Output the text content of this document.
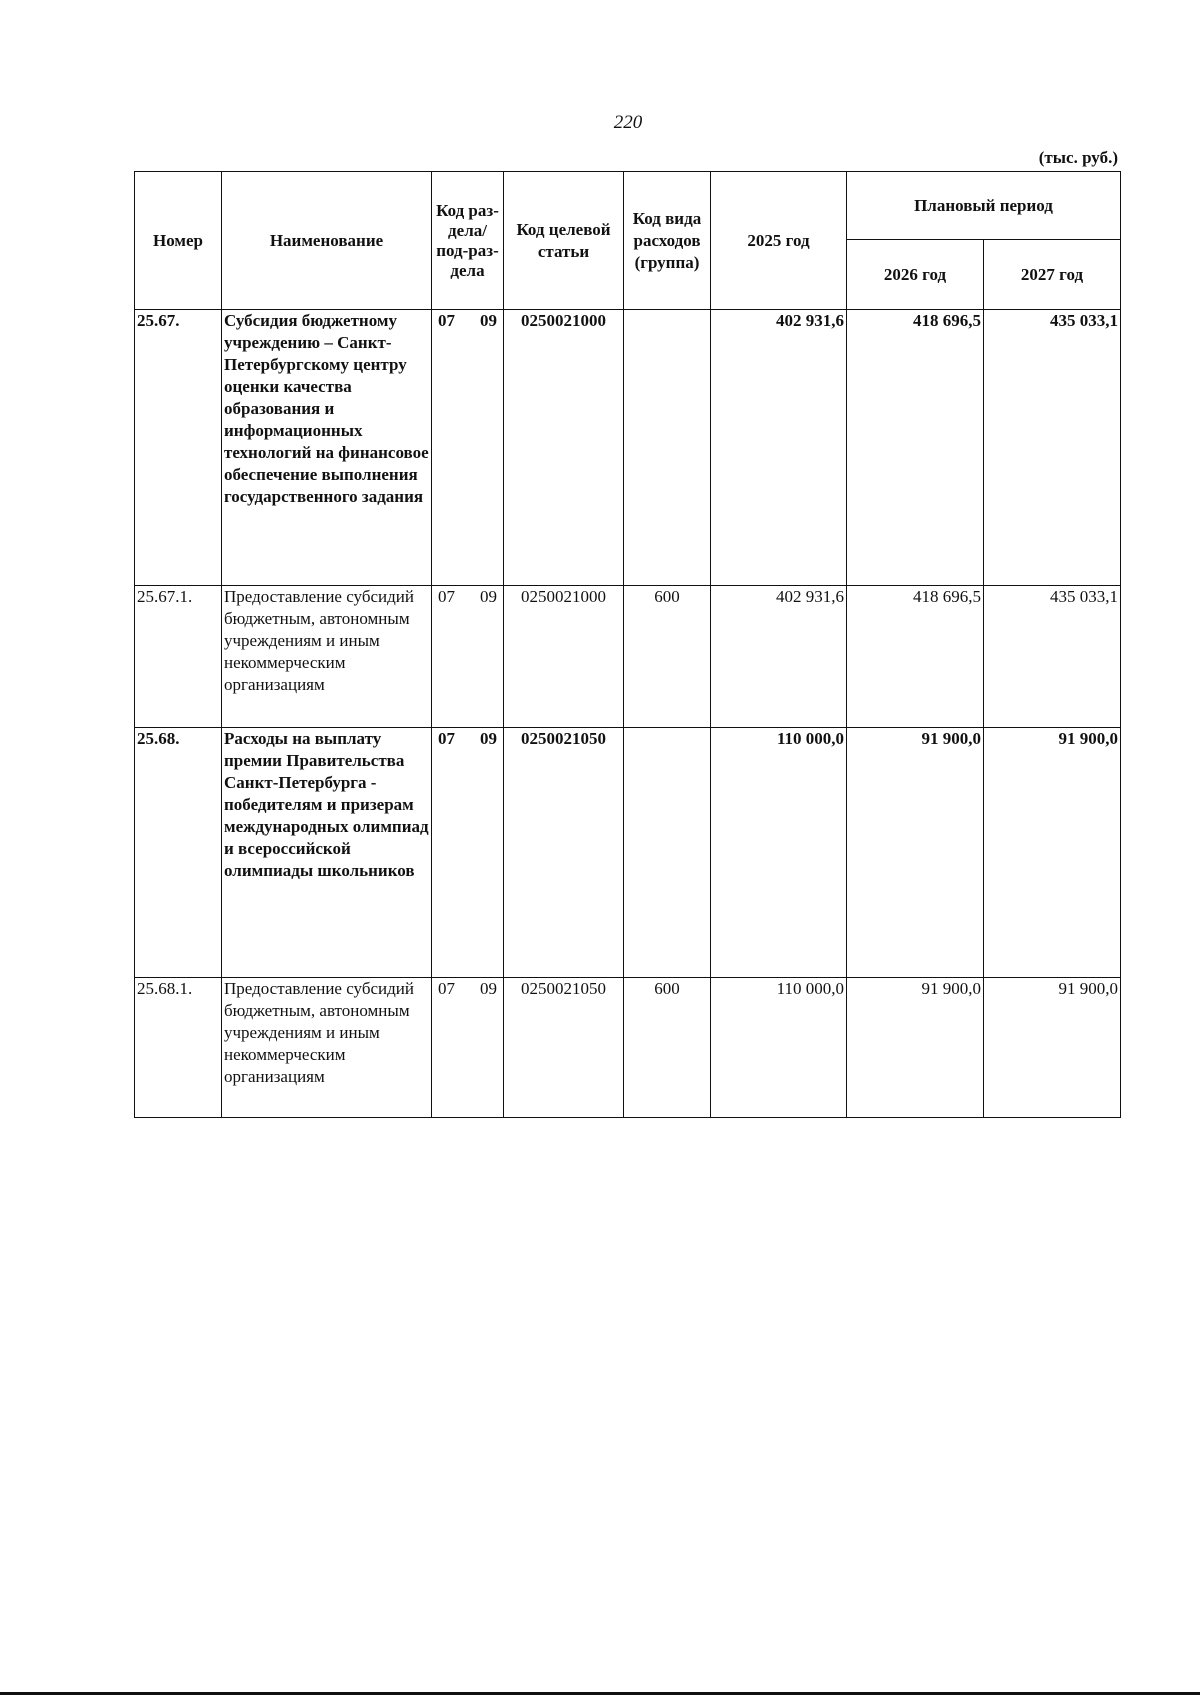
220
(тыс. руб.)
Номер	Наименование	Код раз-дела/ под-раз-дела	Код целевой статьи	Код вида расходов (группа)	2025 год	Плановый период	
						2026 год	2027 год
25.67.	Субсидия бюджетному учреждению – Санкт-Петербургскому центру оценки качества образования и информационных технологий на финансовое обеспечение выполнения государственного задания	07 09	0250021000		402 931,6	418 696,5	435 033,1
25.67.1.	Предоставление субсидий бюджетным, автономным учреждениям и иным некоммерческим организациям	07 09	0250021000	600	402 931,6	418 696,5	435 033,1
25.68.	Расходы на выплату премии Правительства Санкт-Петербурга - победителям и призерам международных олимпиад и всероссийской олимпиады школьников	07 09	0250021050		110 000,0	91 900,0	91 900,0
25.68.1.	Предоставление субсидий бюджетным, автономным учреждениям и иным некоммерческим организациям	07 09	0250021050	600	110 000,0	91 900,0	91 900,0
